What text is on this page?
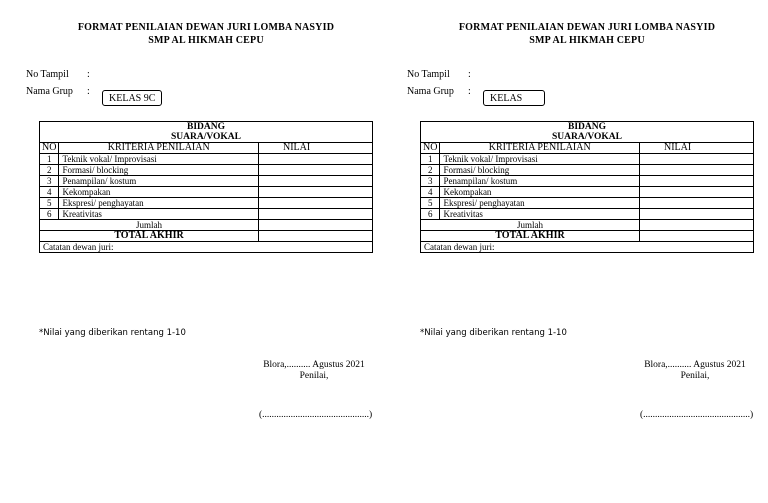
FORMAT PENILAIAN DEWAN JURI LOMBA NASYID
SMP AL HIKMAH CEPU
No Tampil :
Nama Grup :
KELAS 9C
BIDANG
SUARA/VOKAL		

NO	KRITERIA PENILAIAN	NILAI
1	Teknik vokal/ Improvisasi	
2	Formasi/ blocking	
3	Penampilan/ kostum	
4	Kekompakan	
5	Ekspresi/ penghayatan	
6	Kreativitas	
Jumlah		
TOTAL AKHIR		
Catatan dewan juri:		
*Nilai yang diberikan rentang 1-10
Blora,.......... Agustus 2021
Penilai,
(.............................................)
FORMAT PENILAIAN DEWAN JURI LOMBA NASYID
SMP AL HIKMAH CEPU
No Tampil :
Nama Grup :
KELAS
BIDANG
SUARA/VOKAL		

NO	KRITERIA PENILAIAN	NILAI
1	Teknik vokal/ Improvisasi	
2	Formasi/ blocking	
3	Penampilan/ kostum	
4	Kekompakan	
5	Ekspresi/ penghayatan	
6	Kreativitas	
Jumlah		
TOTAL AKHIR		
Catatan dewan juri:		
*Nilai yang diberikan rentang 1-10
Blora,.......... Agustus 2021
Penilai,
(.............................................)
